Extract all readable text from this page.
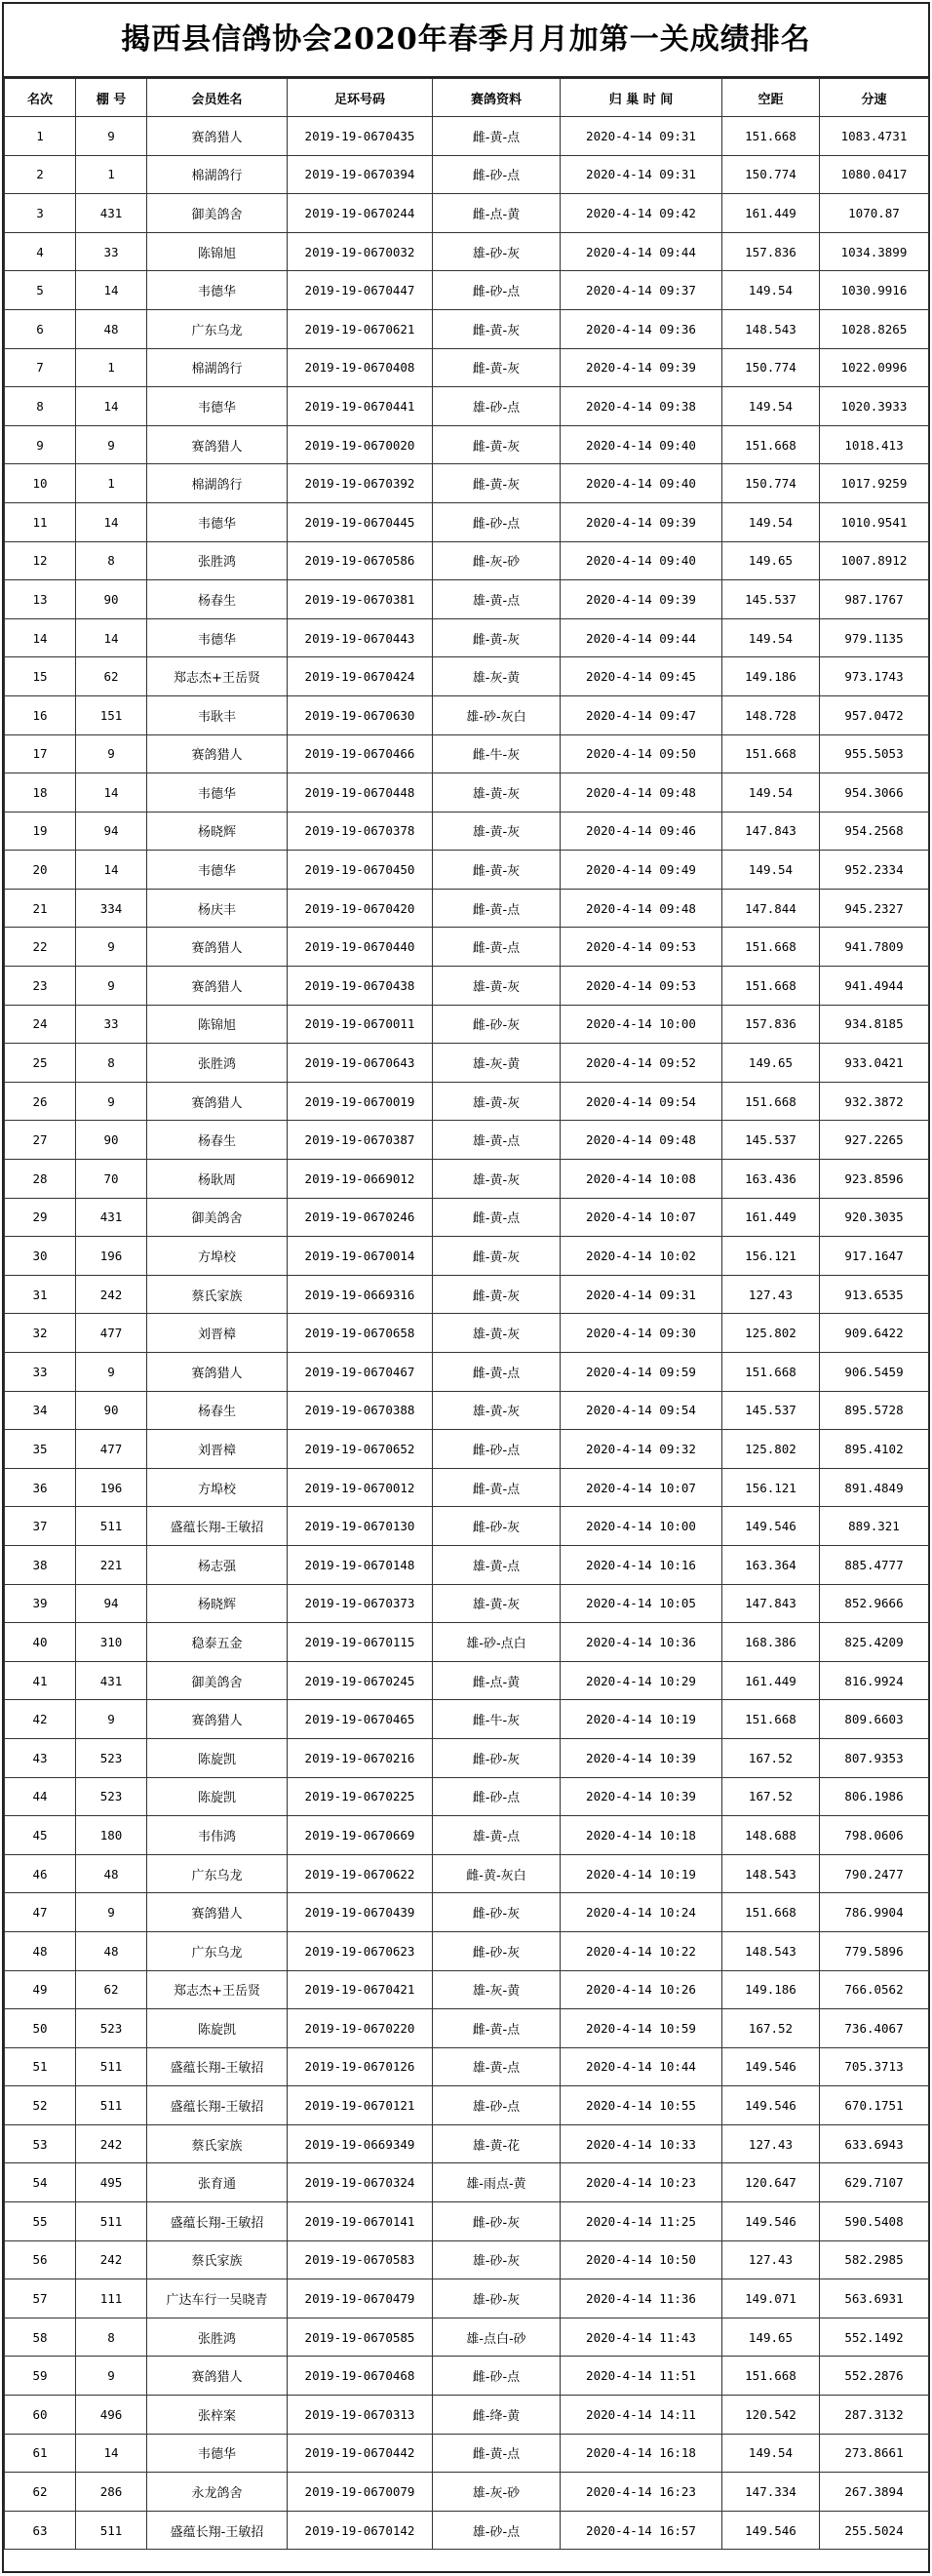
揭西县信鸽协会2020年春季月月加第一关成绩排名
名次	棚 号	会员姓名	足环号码	赛鸽资料	归 巢 时 间	空距	分速
1	9	赛鸽猎人	2019-19-0670435	雌-黄-点	2020-4-14 09:31	151.668	1083.4731
2	1	棉湖鸽行	2019-19-0670394	雌-砂-点	2020-4-14 09:31	150.774	1080.0417
3	431	御美鸽舍	2019-19-0670244	雌-点-黄	2020-4-14 09:42	161.449	1070.87
4	33	陈锦旭	2019-19-0670032	雄-砂-灰	2020-4-14 09:44	157.836	1034.3899
5	14	韦德华	2019-19-0670447	雌-砂-点	2020-4-14 09:37	149.54	1030.9916
6	48	广东乌龙	2019-19-0670621	雌-黄-灰	2020-4-14 09:36	148.543	1028.8265
7	1	棉湖鸽行	2019-19-0670408	雌-黄-灰	2020-4-14 09:39	150.774	1022.0996
8	14	韦德华	2019-19-0670441	雄-砂-点	2020-4-14 09:38	149.54	1020.3933
9	9	赛鸽猎人	2019-19-0670020	雌-黄-灰	2020-4-14 09:40	151.668	1018.413
10	1	棉湖鸽行	2019-19-0670392	雌-黄-灰	2020-4-14 09:40	150.774	1017.9259
11	14	韦德华	2019-19-0670445	雌-砂-点	2020-4-14 09:39	149.54	1010.9541
12	8	张胜鸿	2019-19-0670586	雌-灰-砂	2020-4-14 09:40	149.65	1007.8912
13	90	杨春生	2019-19-0670381	雄-黄-点	2020-4-14 09:39	145.537	987.1767
14	14	韦德华	2019-19-0670443	雌-黄-灰	2020-4-14 09:44	149.54	979.1135
15	62	郑志杰+王岳贤	2019-19-0670424	雄-灰-黄	2020-4-14 09:45	149.186	973.1743
16	151	韦耿丰	2019-19-0670630	雄-砂-灰白	2020-4-14 09:47	148.728	957.0472
17	9	赛鸽猎人	2019-19-0670466	雌-牛-灰	2020-4-14 09:50	151.668	955.5053
18	14	韦德华	2019-19-0670448	雄-黄-灰	2020-4-14 09:48	149.54	954.3066
19	94	杨晓辉	2019-19-0670378	雄-黄-灰	2020-4-14 09:46	147.843	954.2568
20	14	韦德华	2019-19-0670450	雌-黄-灰	2020-4-14 09:49	149.54	952.2334
21	334	杨庆丰	2019-19-0670420	雌-黄-点	2020-4-14 09:48	147.844	945.2327
22	9	赛鸽猎人	2019-19-0670440	雌-黄-点	2020-4-14 09:53	151.668	941.7809
23	9	赛鸽猎人	2019-19-0670438	雄-黄-灰	2020-4-14 09:53	151.668	941.4944
24	33	陈锦旭	2019-19-0670011	雌-砂-灰	2020-4-14 10:00	157.836	934.8185
25	8	张胜鸿	2019-19-0670643	雄-灰-黄	2020-4-14 09:52	149.65	933.0421
26	9	赛鸽猎人	2019-19-0670019	雄-黄-灰	2020-4-14 09:54	151.668	932.3872
27	90	杨春生	2019-19-0670387	雄-黄-点	2020-4-14 09:48	145.537	927.2265
28	70	杨耿周	2019-19-0669012	雄-黄-灰	2020-4-14 10:08	163.436	923.8596
29	431	御美鸽舍	2019-19-0670246	雌-黄-点	2020-4-14 10:07	161.449	920.3035
30	196	方埠校	2019-19-0670014	雌-黄-灰	2020-4-14 10:02	156.121	917.1647
31	242	蔡氏家族	2019-19-0669316	雌-黄-灰	2020-4-14 09:31	127.43	913.6535
32	477	刘晋樟	2019-19-0670658	雄-黄-灰	2020-4-14 09:30	125.802	909.6422
33	9	赛鸽猎人	2019-19-0670467	雌-黄-点	2020-4-14 09:59	151.668	906.5459
34	90	杨春生	2019-19-0670388	雄-黄-灰	2020-4-14 09:54	145.537	895.5728
35	477	刘晋樟	2019-19-0670652	雌-砂-点	2020-4-14 09:32	125.802	895.4102
36	196	方埠校	2019-19-0670012	雌-黄-点	2020-4-14 10:07	156.121	891.4849
37	511	盛蕴长翔-王敏招	2019-19-0670130	雌-砂-灰	2020-4-14 10:00	149.546	889.321
38	221	杨志强	2019-19-0670148	雄-黄-点	2020-4-14 10:16	163.364	885.4777
39	94	杨晓辉	2019-19-0670373	雄-黄-灰	2020-4-14 10:05	147.843	852.9666
40	310	稳泰五金	2019-19-0670115	雄-砂-点白	2020-4-14 10:36	168.386	825.4209
41	431	御美鸽舍	2019-19-0670245	雌-点-黄	2020-4-14 10:29	161.449	816.9924
42	9	赛鸽猎人	2019-19-0670465	雌-牛-灰	2020-4-14 10:19	151.668	809.6603
43	523	陈旋凯	2019-19-0670216	雌-砂-灰	2020-4-14 10:39	167.52	807.9353
44	523	陈旋凯	2019-19-0670225	雌-砂-点	2020-4-14 10:39	167.52	806.1986
45	180	韦伟鸿	2019-19-0670669	雄-黄-点	2020-4-14 10:18	148.688	798.0606
46	48	广东乌龙	2019-19-0670622	雌-黄-灰白	2020-4-14 10:19	148.543	790.2477
47	9	赛鸽猎人	2019-19-0670439	雌-砂-灰	2020-4-14 10:24	151.668	786.9904
48	48	广东乌龙	2019-19-0670623	雌-砂-灰	2020-4-14 10:22	148.543	779.5896
49	62	郑志杰+王岳贤	2019-19-0670421	雄-灰-黄	2020-4-14 10:26	149.186	766.0562
50	523	陈旋凯	2019-19-0670220	雌-黄-点	2020-4-14 10:59	167.52	736.4067
51	511	盛蕴长翔-王敏招	2019-19-0670126	雄-黄-点	2020-4-14 10:44	149.546	705.3713
52	511	盛蕴长翔-王敏招	2019-19-0670121	雄-砂-点	2020-4-14 10:55	149.546	670.1751
53	242	蔡氏家族	2019-19-0669349	雄-黄-花	2020-4-14 10:33	127.43	633.6943
54	495	张育通	2019-19-0670324	雄-雨点-黄	2020-4-14 10:23	120.647	629.7107
55	511	盛蕴长翔-王敏招	2019-19-0670141	雌-砂-灰	2020-4-14 11:25	149.546	590.5408
56	242	蔡氏家族	2019-19-0670583	雄-砂-灰	2020-4-14 10:50	127.43	582.2985
57	111	广达车行一吴晓青	2019-19-0670479	雄-砂-灰	2020-4-14 11:36	149.071	563.6931
58	8	张胜鸿	2019-19-0670585	雄-点白-砂	2020-4-14 11:43	149.65	552.1492
59	9	赛鸽猎人	2019-19-0670468	雌-砂-点	2020-4-14 11:51	151.668	552.2876
60	496	张梓案	2019-19-0670313	雌-绛-黄	2020-4-14 14:11	120.542	287.3132
61	14	韦德华	2019-19-0670442	雌-黄-点	2020-4-14 16:18	149.54	273.8661
62	286	永龙鸽舍	2019-19-0670079	雄-灰-砂	2020-4-14 16:23	147.334	267.3894
63	511	盛蕴长翔-王敏招	2019-19-0670142	雄-砂-点	2020-4-14 16:57	149.546	255.5024
